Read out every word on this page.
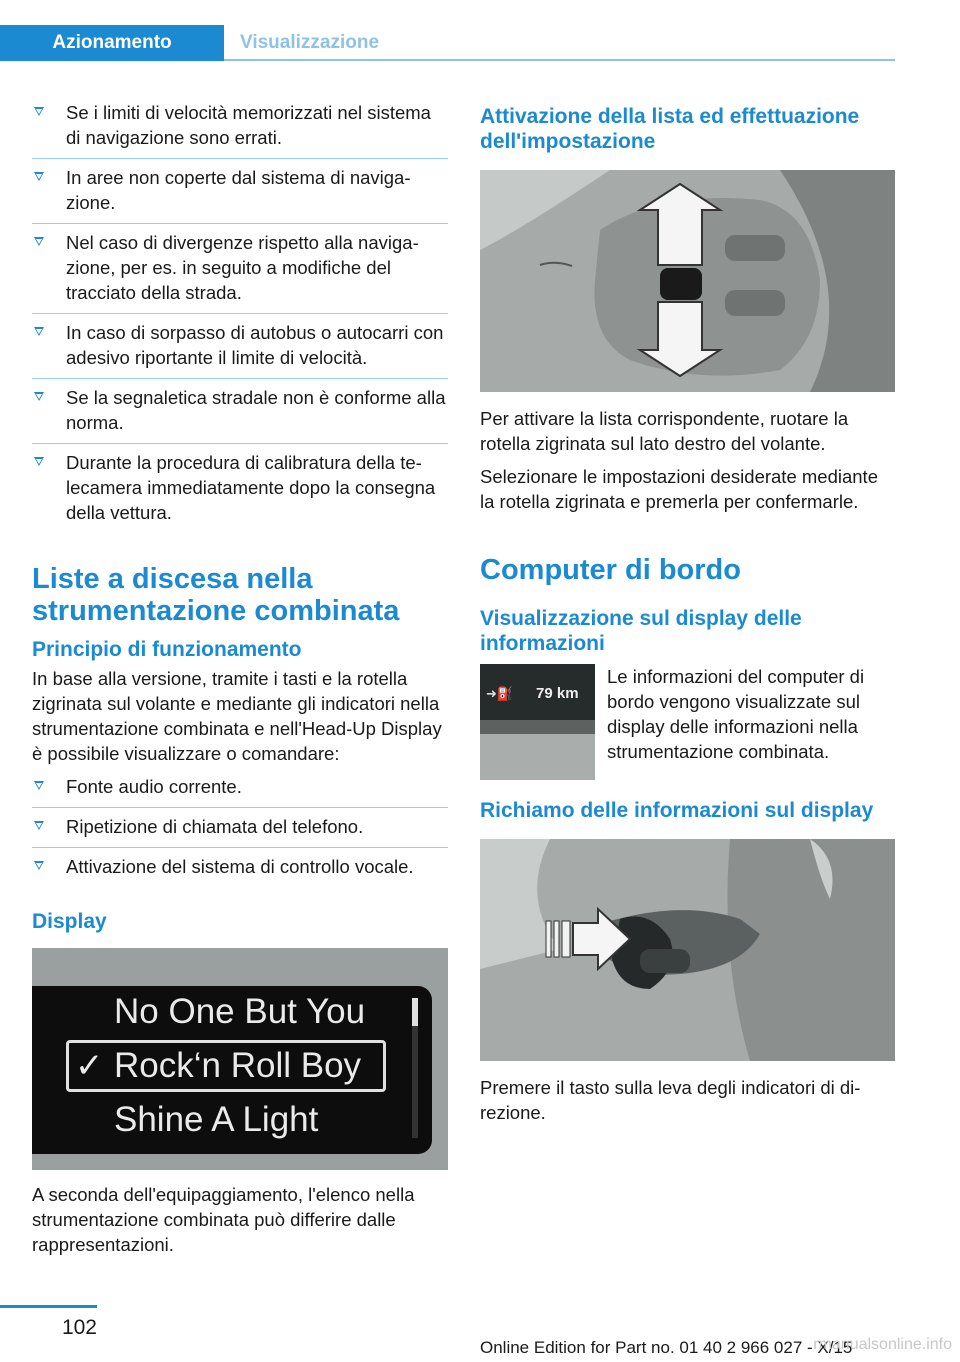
Azionamento	Visualizzazione
Se i limiti di velocità memorizzati nel sistema di navigazione sono errati.
In aree non coperte dal sistema di navigazione.
Nel caso di divergenze rispetto alla navigazione, per es. in seguito a modifiche del tracciato della strada.
In caso di sorpasso di autobus o autocarri con adesivo riportante il limite di velocità.
Se la segnaletica stradale non è conforme alla norma.
Durante la procedura di calibratura della telecamera immediatamente dopo la consegna della vettura.
Liste a discesa nella strumentazione combinata
Principio di funzionamento

In base alla versione, tramite i tasti e la rotella zigrinata sul volante e mediante gli indicatori nella strumentazione combinata e nell'Head-Up Display è possibile visualizzare o comandare:

Fonte audio corrente.
Ripetizione di chiamata del telefono.
Attivazione del sistema di controllo vocale.
Display
No One But You
✓ Rock‘n Roll Boy
Shine A Light

A seconda dell'equipaggiamento, l'elenco nella strumentazione combinata può differire dalle rappresentazioni.

Attivazione della lista ed effettuazione dell'impostazione

Per attivare la lista corrispondente, ruotare la rotella zigrinata sul lato destro del volante.

Selezionare le impostazioni desiderate mediante la rotella zigrinata e premerla per confermarle.

Computer di bordo
Visualizzazione sul display delle informazioni
➜⛽ 79 km
Le informazioni del computer di bordo vengono visualizzate sul display delle informazioni nella strumentazione combinata.
Richiamo delle informazioni sul display

Premere il tasto sulla leva degli indicatori di direzione.

102
Online Edition for Part no. 01 40 2 966 027 - X/15
rmanualsonline.info
